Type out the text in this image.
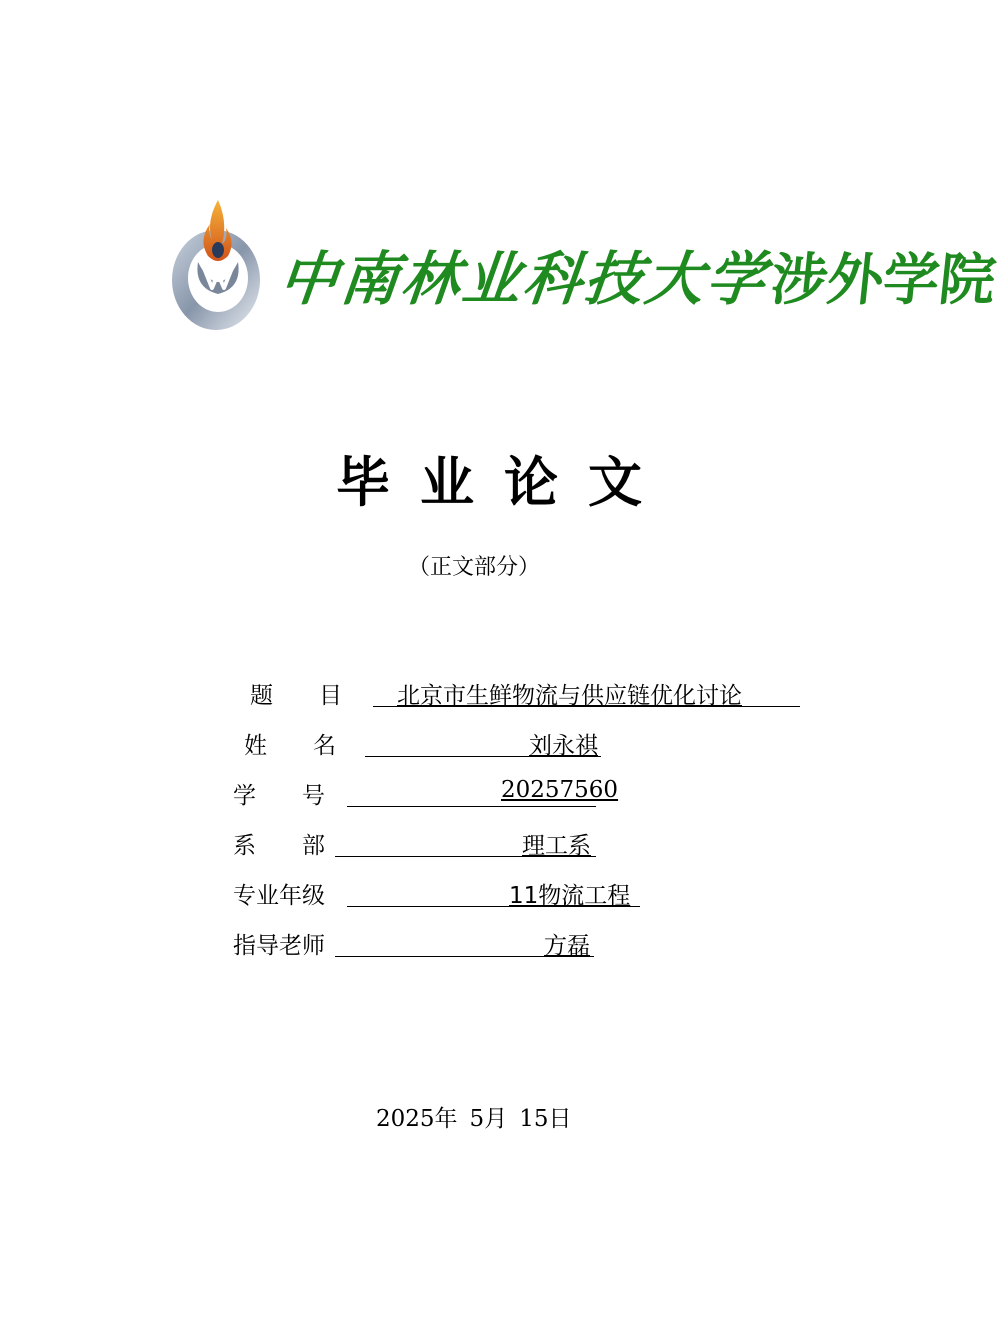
中南林业科技大学涉外学院
毕业论文
（正文部分）
题　　目 北京市生鲜物流与供应链优化讨论
姓　　名	刘永祺
学　　号	20257560
系　　部	理工系
专业年级	11物流工程
指导老师	方磊
2025年 5月 15日
